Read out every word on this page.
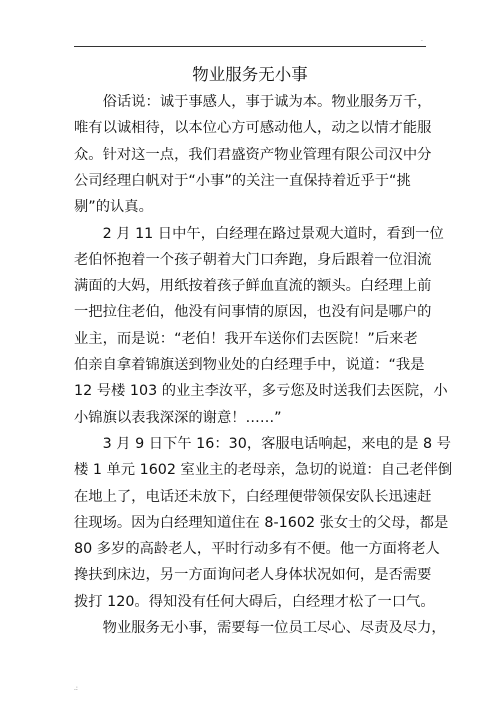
.
物业服务无小事
　　俗话说：诚于事感人，事于诚为本。物业服务万千，
唯有以诚相待，以本位心方可感动他人，动之以情才能服
众。针对这一点，我们君盛资产物业管理有限公司汉中分
公司经理白帆对于“小事”的关注一直保持着近乎于“挑
剔”的认真。
　　2 月 11 日中午，白经理在路过景观大道时，看到一位
老伯怀抱着一个孩子朝着大门口奔跑，身后跟着一位泪流
满面的大妈，用纸按着孩子鲜血直流的额头。白经理上前
一把拉住老伯，他没有问事情的原因，也没有问是哪户的
业主，而是说：“老伯！我开车送你们去医院！”后来老
伯亲自拿着锦旗送到物业处的白经理手中，说道：“我是
12 号楼 103 的业主李汝平，多亏您及时送我们去医院，小
小锦旗以表我深深的谢意！……”
　　3 月 9 日下午 16：30，客服电话响起，来电的是 8 号
楼 1 单元 1602 室业主的老母亲，急切的说道：自己老伴倒
在地上了，电话还未放下，白经理便带领保安队长迅速赶
往现场。因为白经理知道住在 8-1602 张女士的父母，都是
80 多岁的高龄老人，平时行动多有不便。他一方面将老人
搀扶到床边，另一方面询问老人身体状况如何，是否需要
拨打 120。得知没有任何大碍后，白经理才松了一口气。
　　物业服务无小事，需要每一位员工尽心、尽责及尽力，
.:
